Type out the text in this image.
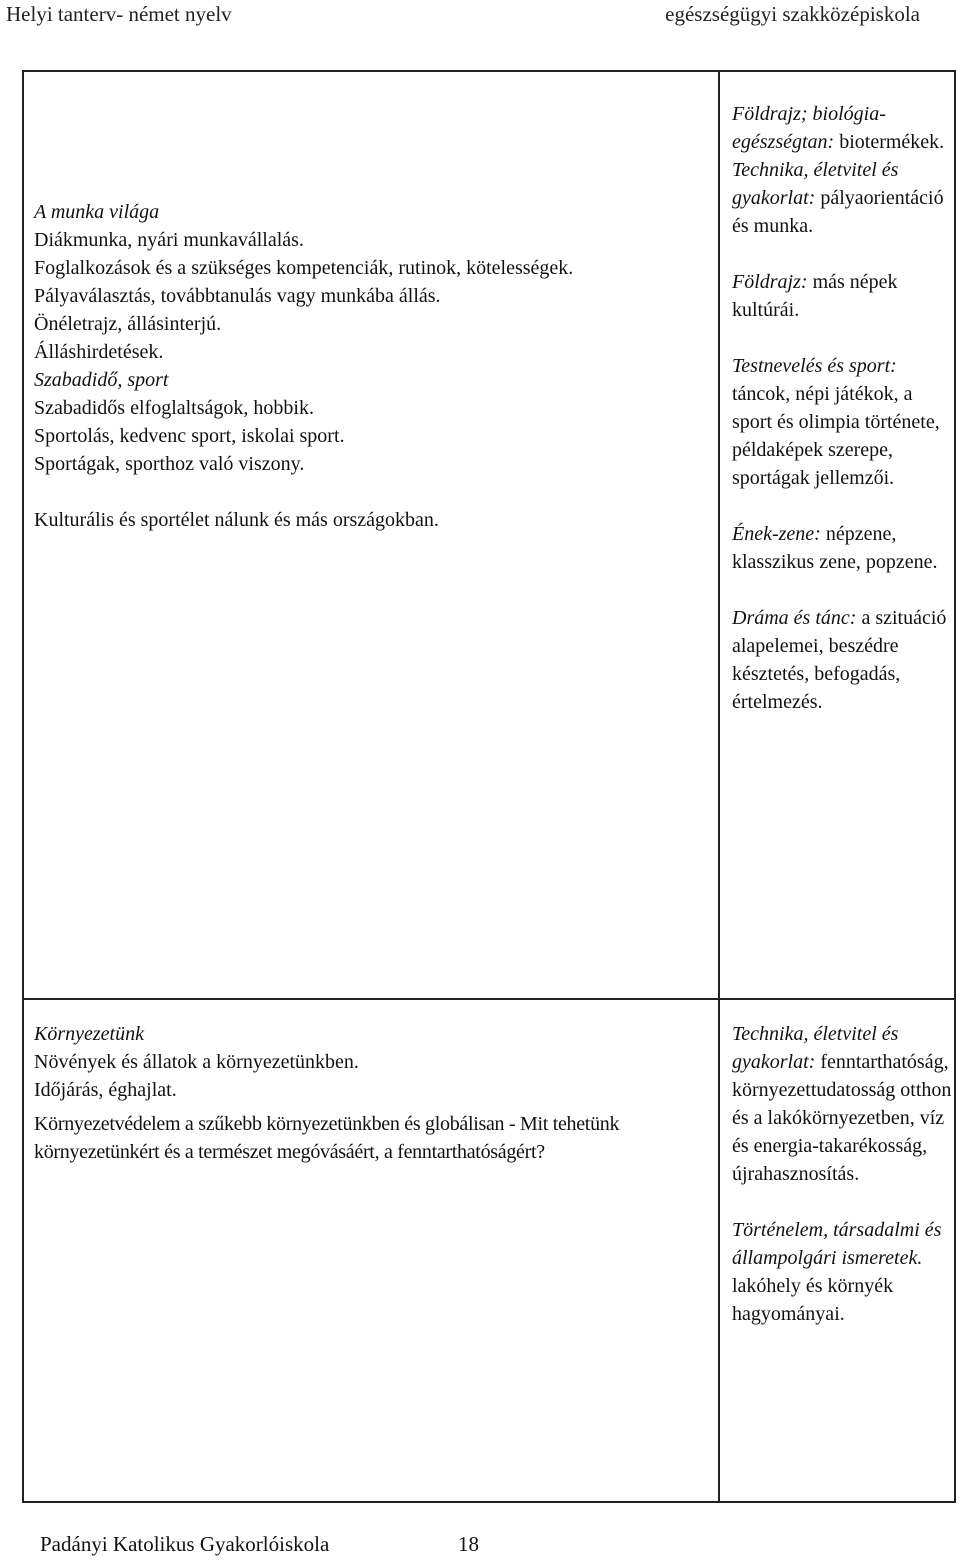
Helyi tanterv- német nyelv	egészségügyi szakközépiskola
A munka világa
Diákmunka, nyári munkavállalás.
Foglalkozások és a szükséges kompetenciák, rutinok, kötelességek.
Pályaválasztás, továbbtanulás vagy munkába állás.
Önéletrajz, állásinterjú.
Álláshirdetések.
Szabadidő, sport
Szabadidős elfoglaltságok, hobbik.
Sportolás, kedvenc sport, iskolai sport.
Sportágak, sporthoz való viszony.
Kulturális és sportélet nálunk és más országokban.
Földrajz; biológia-egészségtan: biotermékek.
Technika, életvitel és gyakorlat: pályaorientáció és munka.
Földrajz: más népek kultúrái.
Testnevelés és sport: táncok, népi játékok, a sport és olimpia története, példaképek szerepe, sportágak jellemzői.
Ének-zene: népzene, klasszikus zene, popzene.
Dráma és tánc: a szituáció alapelemei, beszédre késztetés, befogadás, értelmezés.
Környezetünk
Növények és állatok a környezetünkben.
Időjárás, éghajlat.
Környezetvédelem a szűkebb környezetünkben és globálisan - Mit tehetünk környezetünkért és a természet megóvásáért, a fenntarthatóságért?
Technika, életvitel és gyakorlat: fenntarthatóság, környezettudatosság otthon és a lakókörnyezetben, víz és energia-takarékosság, újrahasznosítás.
Történelem, társadalmi és állampolgári ismeretek. lakóhely és környék hagyományai.
Padányi Katolikus Gyakorlóiskola	18
